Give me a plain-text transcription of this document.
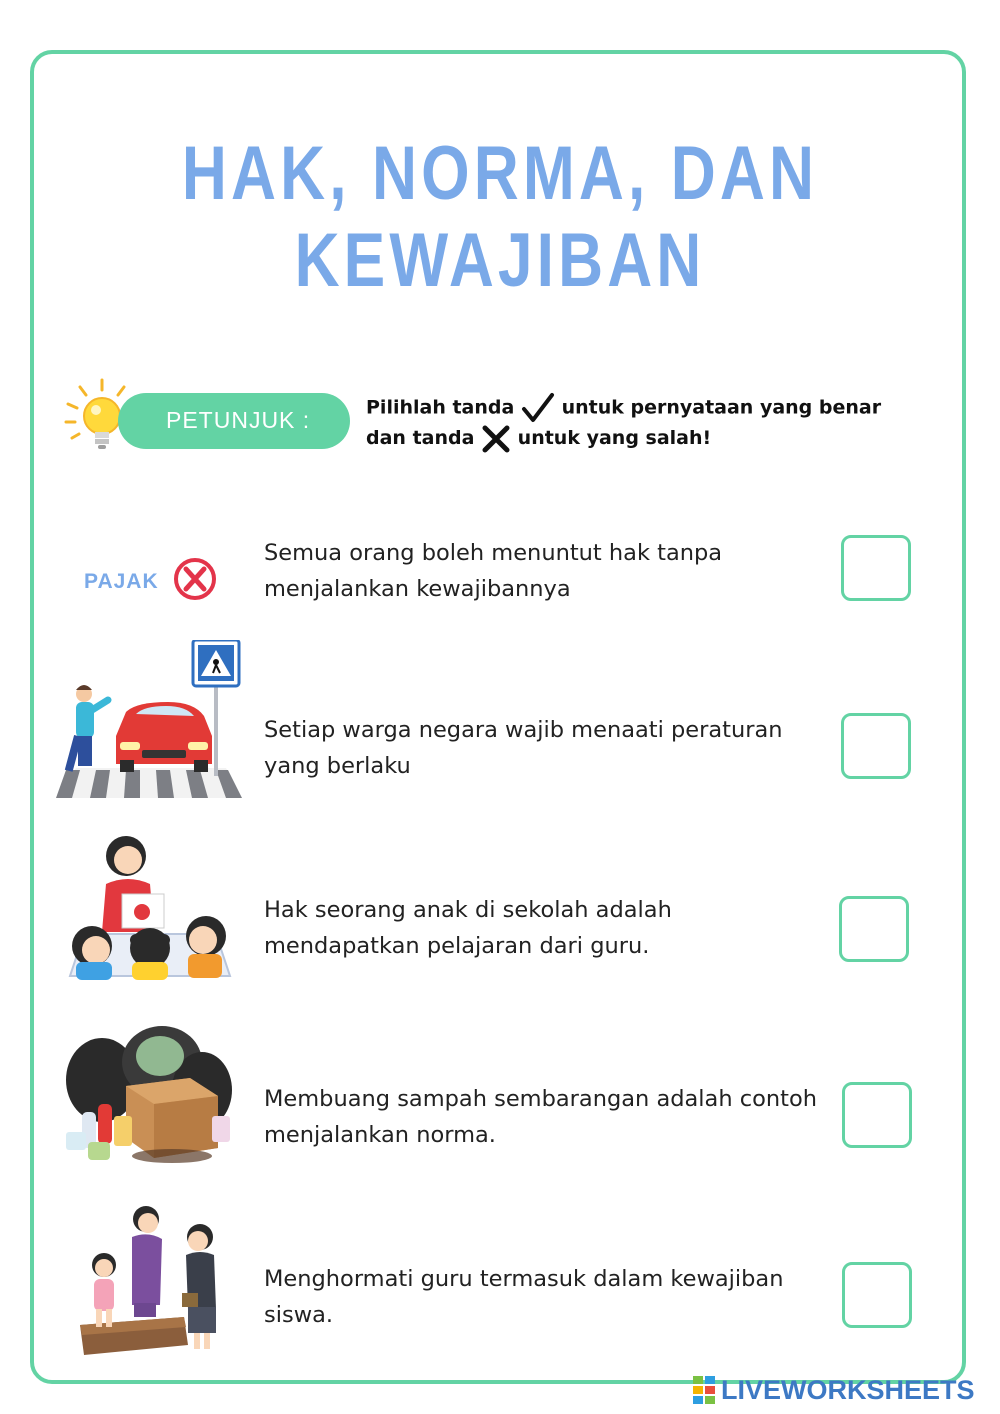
HAK, NORMA, DAN KEWAJIBAN
PETUNJUK :	Pilihlah tanda untuk pernyataan yang benar
dan tanda untuk yang salah!
PAJAK
Semua orang boleh menuntut hak tanpa menjalankan kewajibannya
Setiap warga negara wajib menaati peraturan yang berlaku
Hak seorang anak di sekolah adalah mendapatkan pelajaran dari guru.
Membuang sampah sembarangan adalah contoh menjalankan norma.
Menghormati guru termasuk dalam kewajiban siswa.
LIVEWORKSHEETS
